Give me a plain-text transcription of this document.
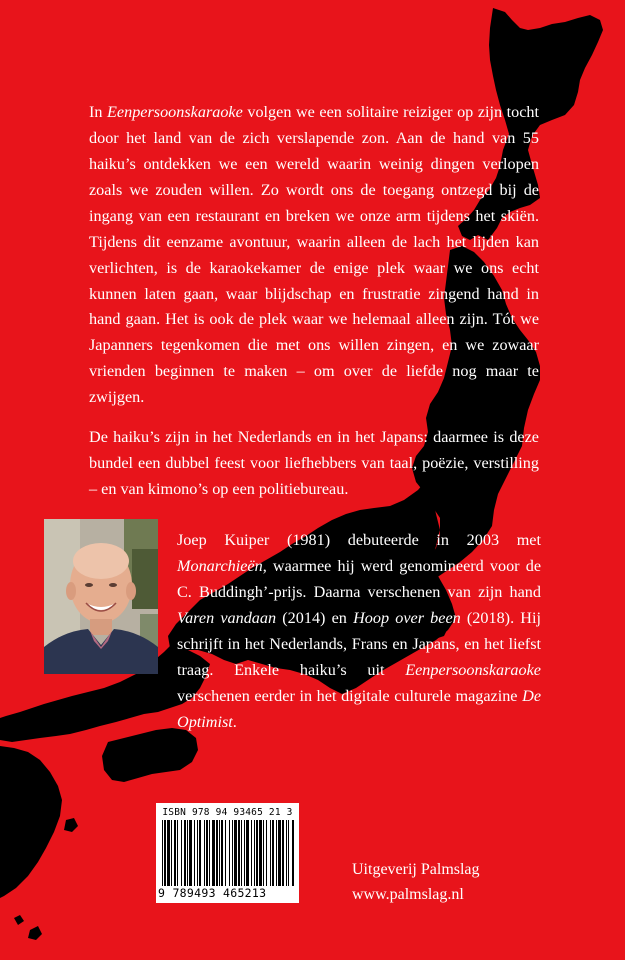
In Eenpersoonskaraoke volgen we een solitaire reiziger op zijn tocht door het land van de zich verslapende zon. Aan de hand van 55 haiku’s ontdekken we een wereld waarin weinig dingen verlopen zoals we zouden willen. Zo wordt ons de toegang ontzegd bij de ingang van een restaurant en breken we onze arm tijdens het skiën. Tijdens dit eenzame avontuur, waarin alleen de lach het lijden kan verlichten, is de karaokekamer de enige plek waar we ons echt kunnen laten gaan, waar blijdschap en frustratie zingend hand in hand gaan. Het is ook de plek waar we helemaal alleen zijn. Tót we Japanners tegenkomen die met ons willen zingen, en we zowaar vrienden beginnen te maken – om over de liefde nog maar te zwijgen.

De haiku’s zijn in het Nederlands en in het Japans: daarmee is deze bundel een dubbel feest voor liefhebbers van taal, poëzie, verstilling – en van kimono’s op een politiebureau.

Joep Kuiper (1981) debuteerde in 2003 met Monarchieën, waarmee hij werd genomineerd voor de C. Buddingh’-prijs. Daarna verschenen van zijn hand Varen vandaan (2014) en Hoop over been (2018). Hij schrijft in het Nederlands, Frans en Japans, en het liefst traag. Enkele haiku’s uit Eenpersoonskaraoke verschenen eerder in het digitale culturele magazine De Optimist.

ISBN 978 94 93465 21 3
9 789493 465213
Uitgeverij Palmslag
www.palmslag.nl
